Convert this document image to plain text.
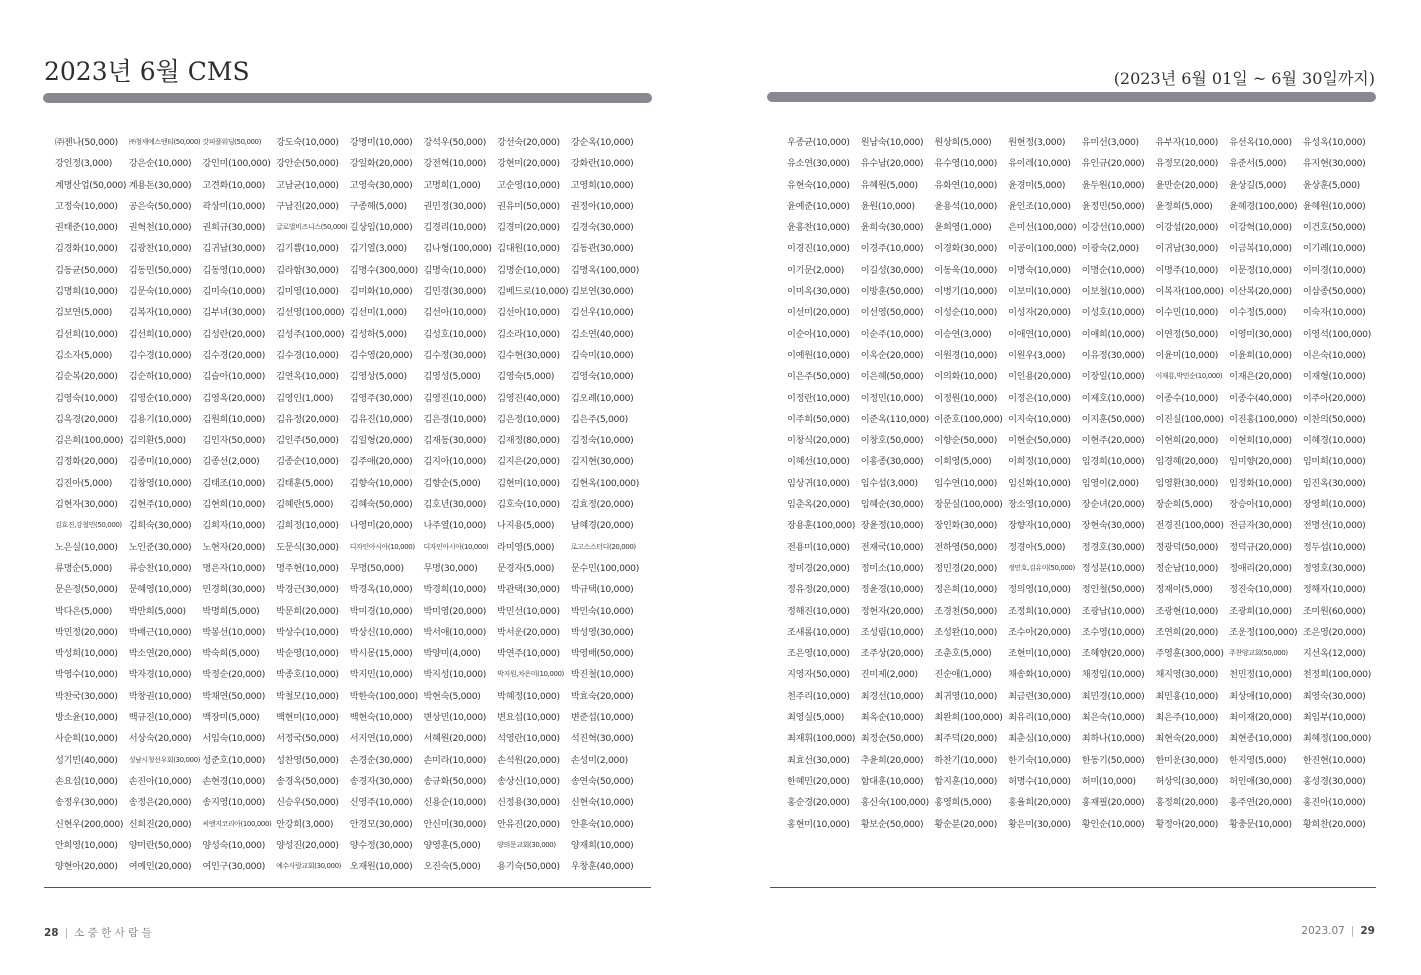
2023년 6월 CMS	(2023년 6월 01일 ~ 6월 30일까지)
㈜젠나(50,000)	㈜청세에스엔티(50,000) 갓피플워딩(50,000)	강도숙(10,000)	강명미(10,000)	강석우(50,000)	강선숙(20,000)	강순옥(10,000)
강인정(3,000)	강은순(10,000)	강인미(100,000) 강안순(50,000)	강일화(20,000)	강전혁(10,000)	강현미(20,000)	강화란(10,000)
계명산업(50,000) 계용돈(30,000)	고견화(10,000)	고남균(10,000)	고영숙(30,000)	고명희(1,000)	고순영(10,000)	고영희(10,000)
고정숙(10,000)	공은숙(50,000)	곽상미(10,000)	구남진(20,000)	구종해(5,000)	권민정(30,000)	권유미(50,000)	권정아(10,000)
권태준(10,000)	권혁천(10,000)	권희규(30,000)	글로벌비즈니스(50,000) 길상임(10,000)	김경리(10,000)	김경미(20,000)	김경숙(30,000)
김경화(10,000)	김광찬(10,000)	김귀남(30,000)	김기쁨(10,000)	김기열(3,000)	김나형(100,000) 김대원(10,000)	김동관(30,000)
김동균(50,000)	김동민(50,000)	김동영(10,000)	김라함(30,000)	김명수(300,000) 김명숙(10,000)	김명순(10,000)	김명옥(100,000)
김명희(10,000)	김문숙(10,000)	김미숙(10,000)	김미영(10,000)	김미화(10,000)	김민경(30,000)	김베드로(10,000) 김보연(30,000)
김보연(5,000)	김복자(10,000)	김부녀(30,000)	김선영(100,000) 김선미(1,000)	김선아(10,000)	김선아(10,000)	김선우(10,000)
김선희(10,000)	김선희(10,000)	김성란(20,000)	김성주(100,000) 김성하(5,000)	김성호(10,000)	김소라(10,000)	김소연(40,000)
김소자(5,000)	김수경(10,000)	김수경(20,000)	김수경(10,000)	김수영(20,000)	김수정(30,000)	김수현(30,000)	김숙미(10,000)
김순복(20,000)	김순하(10,000)	김슬아(10,000)	김연옥(10,000)	김영상(5,000)	김영성(5,000)	김영숙(5,000)	김영숙(10,000)
김영숙(10,000)	김영순(10,000)	김영옥(20,000)	김영인(1,000)	김영주(30,000)	김영진(10,000)	김영진(40,000)	김오례(10,000)
김옥경(20,000)	김용기(10,000)	김원희(10,000)	김유정(20,000)	김유진(10,000)	김은경(10,000)	김은정(10,000)	김은주(5,000)
김은희(100,000) 김의환(5,000)	김인자(50,000)	김인주(50,000)	김일형(20,000)	김재동(30,000)	김재정(80,000)	김정숙(10,000)
김정화(20,000)	김종미(10,000)	김종선(2,000)	김종순(10,000)	김주애(20,000)	김지아(10,000)	김지은(20,000)	김지현(30,000)
김진아(5,000)	김창영(10,000)	김태조(10,000)	김태훈(5,000)	김향숙(10,000)	김향순(5,000)	김현미(10,000)	김현옥(100,000)
김현자(30,000)	김현주(10,000)	김현희(10,000)	김혜란(5,000)	김혜숙(50,000)	김호년(30,000)	김호숙(10,000)	김효정(20,000)
김효진,강철민(50,000) 김희숙(30,000)	김희자(10,000)	김희정(10,000)	나영미(20,000)	나주열(10,000)	나지용(5,000)	남혜경(20,000)
노은실(10,000)	노인준(30,000)	노현자(20,000)	도문식(30,000)	디자인아시아(10,000)	디자인아시아(10,000) 라미영(5,000)	로고스스터디(20,000)
류명순(5,000)	류승찬(10,000)	명은자(10,000)	명주현(10,000)	무명(50,000)	무명(30,000)	문경자(5,000)	문수민(100,000)
문은정(50,000)	문혜영(10,000)	민경희(30,000)	박경근(30,000)	박경옥(10,000)	박경희(10,000)	박관택(30,000)	박규택(10,000)
박다은(5,000)	박만희(5,000)	박명희(5,000)	박문희(20,000)	박미경(10,000)	박미영(20,000)	박민선(10,000)	박민숙(10,000)
박민정(20,000)	박배근(10,000)	박봉선(10,000)	박상수(10,000)	박상신(10,000)	박서애(10,000)	박서운(20,000)	박성영(30,000)
박성희(10,000)	박소연(20,000)	박숙희(5,000)	박순영(10,000)	박시몽(15,000)	박양미(4,000)	박연주(10,000)	박영배(50,000)
박영수(10,000)	박자경(10,000)	박정순(20,000)	박종호(10,000)	박지민(10,000)	박지성(10,000)	박지원,차은미(10,000) 박진철(10,000)
박찬국(30,000)	박창권(10,000)	박채연(50,000)	박철모(10,000)	박한숙(100,000) 박현숙(5,000)	박혜정(10,000)	박효숙(20,000)
방소윤(10,000)	백규진(10,000)	백장미(5,000)	백현미(10,000)	백현숙(10,000)	변상민(10,000)	변요섭(10,000)	변준섭(10,000)
사순희(10,000)	서상숙(20,000)	서임숙(10,000)	서정국(50,000)	서지연(10,000)	서혜원(20,000)	석영란(10,000)	석진혁(30,000)
성기빈(40,000)	성남시청선우회(30,000) 성준호(10,000)	성찬영(50,000)	손경순(30,000)	손미라(10,000)	손석원(20,000)	손성미(2,000)
손요섭(10,000)	손진아(10,000)	손현경(10,000)	송경옥(50,000)	송경자(30,000)	송규화(50,000)	송상신(10,000)	송연숙(50,000)
송정우(30,000)	송정은(20,000)	송지영(10,000)	신승우(50,000)	신영주(10,000)	신용순(10,000)	신정용(30,000)	신현숙(10,000)
신현우(200,000) 신희진(20,000)	씨앤지코리아(100,000) 안강희(3,000)	안경모(30,000)	안신미(30,000)	안유진(20,000)	안훈숙(10,000)
안희영(10,000)	양미란(50,000)	양성숙(10,000)	양성진(20,000)	양수정(30,000)	양영훈(5,000)	양의문교회(30,000)	양재희(10,000)
양현아(20,000)	여예인(20,000)	여인구(30,000)	예수사랑교회(30,000) 오재원(10,000)	오진숙(5,000)	용기숙(50,000)	우창훈(40,000)
우종균(10,000)	원남숙(10,000)	원상희(5,000)	원현정(3,000)	유미선(3,000)	유부자(10,000)	유선옥(10,000)	유성옥(10,000)
유소연(30,000)	유수남(20,000)	유수영(10,000)	유이레(10,000)	유인규(20,000)	유정모(20,000)	유준서(5,000)	유지현(30,000)
유현숙(10,000)	유혜원(5,000)	유화연(10,000)	윤경미(5,000)	윤두원(10,000)	윤만순(20,000)	윤상길(5,000)	윤상훈(5,000)
윤예준(10,000)	윤원(10,000)	윤용석(10,000)	윤인조(10,000)	윤정민(50,000)	윤정희(5,000)	윤혜경(100,000) 윤혜원(10,000)
윤홍찬(10,000)	윤희숙(30,000)	윤희영(1,000)	은미선(100,000) 이강선(10,000)	이강섭(20,000)	이강혁(10,000)	이건호(50,000)
이경진(10,000)	이경주(10,000)	이경화(30,000)	이공이(100,000) 이광숙(2,000)	이귀남(30,000)	이금복(10,000)	이기례(10,000)
이기문(2,000)	이길성(30,000)	이동욱(10,000)	이명숙(10,000)	이명순(10,000)	이명주(10,000)	이문정(10,000)	이미경(10,000)
이미옥(30,000)	이방훈(50,000)	이병기(10,000)	이보미(10,000)	이보철(10,000)	이복자(100,000) 이산복(20,000)	이삼종(50,000)
이선미(20,000)	이선영(50,000)	이성순(10,000)	이성자(20,000)	이성호(10,000)	이수민(10,000)	이수정(5,000)	이숙자(10,000)
이순아(10,000)	이순주(10,000)	이승연(3,000)	이애연(10,000)	이애희(10,000)	이연정(50,000)	이영미(30,000)	이영석(100,000)
이예원(10,000)	이옥순(20,000)	이원경(10,000)	이원우(3,000)	이유정(30,000)	이윤미(10,000)	이윤희(10,000)	이은숙(10,000)
이은주(50,000)	이은혜(50,000)	이의화(10,000)	이인용(20,000)	이장일(10,000)	이재룡,박민순(10,000) 이재은(20,000)	이재형(10,000)
이정란(10,000)	이정민(10,000)	이정원(10,000)	이정은(10,000)	이제호(10,000)	이종수(10,000)	이종수(40,000)	이주아(20,000)
이주희(50,000)	이준옥(110,000) 이준호(100,000) 이지숙(10,000)	이지훈(50,000)	이진실(100,000) 이진홍(100,000) 이찬의(50,000)
이창식(20,000)	이창호(50,000)	이향순(50,000)	이현순(50,000)	이현주(20,000)	이현희(20,000)	이현희(10,000)	이혜경(10,000)
이혜선(10,000)	이홍종(30,000)	이희영(5,000)	이희정(10,000)	임경희(10,000)	임경혜(20,000)	임미향(20,000)	임미희(10,000)
임상귀(10,000)	임수섭(3,000)	임수연(10,000)	임신화(10,000)	임영이(2,000)	임영환(30,000)	임정화(10,000)	임진옥(30,000)
임춘옥(20,000)	임혜순(30,000)	장문실(100,000) 장소영(10,000)	장순녀(20,000)	장순희(5,000)	장승아(10,000)	장영희(10,000)
장용훈(100,000) 장윤정(10,000)	장인화(30,000)	장향자(10,000)	장현숙(30,000)	전경진(100,000) 전금자(30,000)	전명선(10,000)
전용미(10,000)	전재국(10,000)	전하영(50,000)	정경아(5,000)	정경호(30,000)	정광덕(50,000)	정덕규(20,000)	정두섭(10,000)
정미경(20,000)	정미소(10,000)	정민경(20,000)	정민호,김유미(50,000) 정성분(10,000)	정순남(10,000)	정애리(20,000)	정영호(30,000)
정유정(20,000)	정윤경(10,000)	정은희(10,000)	정의영(10,000)	정인철(50,000)	정재이(5,000)	정진숙(10,000)	정해자(10,000)
정해진(10,000)	정현자(20,000)	조경천(50,000)	조정희(10,000)	조광남(10,000)	조광현(10,000)	조광희(10,000)	조미원(60,000)
조새롬(10,000)	조성림(10,000)	조성완(10,000)	조수아(20,000)	조수영(10,000)	조연희(20,000)	조운정(100,000) 조은영(20,000)
조은영(10,000)	조주상(20,000)	조춘호(5,000)	조현미(10,000)	조혜향(20,000)	주영훈(300,000) 주찬양교회(50,000)	지선옥(12,000)
지영자(50,000)	진미제(2,000)	진순애(1,000)	채송화(10,000)	채정임(10,000)	채지영(30,000)	천민정(10,000)	천정희(100,000)
천주리(10,000)	최경선(10,000)	최귀영(10,000)	최금련(30,000)	최민경(10,000)	최민홍(10,000)	최상애(10,000)	최영숙(30,000)
최영실(5,000)	최옥순(10,000)	최완희(100,000) 최유리(10,000)	최은숙(10,000)	최은주(10,000)	최이재(20,000)	최임부(10,000)
최재휘(100,000) 최정순(50,000)	최주덕(20,000)	최춘심(10,000)	최하나(10,000)	최현숙(20,000)	최현종(10,000)	최혜정(100,000)
최효선(30,000)	추윤희(20,000)	하찬기(10,000)	한기숙(10,000)	한동기(50,000)	한미운(30,000)	한지영(5,000)	한진현(10,000)
한혜민(20,000)	함대훈(10,000)	함지훈(10,000)	허명수(10,000)	허미(10,000)	허상익(30,000)	허인애(30,000)	홍성경(30,000)
홍순경(20,000)	홍신숙(100,000) 홍영희(5,000)	홍율희(20,000)	홍재필(20,000)	홍정희(20,000)	홍주연(20,000)	홍진아(10,000)
홍현미(10,000)	황보순(50,000)	황순분(20,000)	황은미(30,000)	황인순(10,000)	황정아(20,000)	황충문(10,000)	황희찬(20,000)
28 | 소 중 한 사 람 들	2023.07 | 29
